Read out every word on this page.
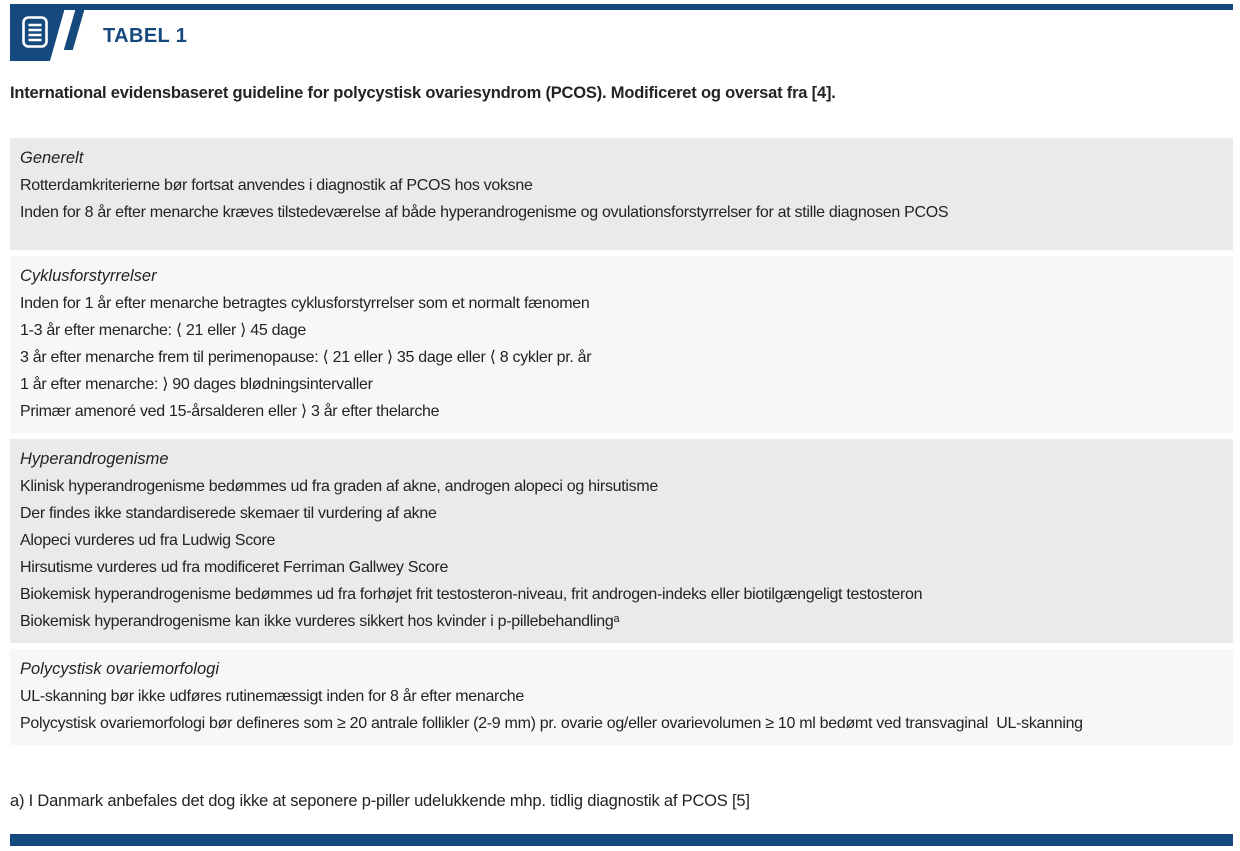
TABEL 1

International evidensbaseret guideline for polycystisk ovariesyndrom (PCOS). Modificeret og oversat fra [4].

Generelt

Rotterdamkriterierne bør fortsat anvendes i diagnostik af PCOS hos voksne

Inden for 8 år efter menarche kræves tilstedeværelse af både hyperandrogenisme og ovulationsforstyrrelser for at stille diagnosen PCOS

Cyklusforstyrrelser

Inden for 1 år efter menarche betragtes cyklusforstyrrelser som et normalt fænomen

1-3 år efter menarche: ⟨ 21 eller ⟩ 45 dage

3 år efter menarche frem til perimenopause: ⟨ 21 eller ⟩ 35 dage eller ⟨ 8 cykler pr. år

1 år efter menarche: ⟩ 90 dages blødningsintervaller

Primær amenoré ved 15-årsalderen eller ⟩ 3 år efter thelarche

Hyperandrogenisme

Klinisk hyperandrogenisme bedømmes ud fra graden af akne, androgen alopeci og hirsutisme

Der findes ikke standardiserede skemaer til vurdering af akne

Alopeci vurderes ud fra Ludwig Score

Hirsutisme vurderes ud fra modificeret Ferriman Gallwey Score

Biokemisk hyperandrogenisme bedømmes ud fra forhøjet frit testosteron-niveau, frit androgen-indeks eller biotilgængeligt testosteron

Biokemisk hyperandrogenisme kan ikke vurderes sikkert hos kvinder i p-pillebehandlingᵃ

Polycystisk ovariemorfologi

UL-skanning bør ikke udføres rutinemæssigt inden for 8 år efter menarche

Polycystisk ovariemorfologi bør defineres som ≥ 20 antrale follikler (2-9 mm) pr. ovarie og/eller ovarievolumen ≥ 10 ml bedømt ved transvaginal  UL-skanning

a) I Danmark anbefales det dog ikke at seponere p-piller udelukkende mhp. tidlig diagnostik af PCOS [5]
